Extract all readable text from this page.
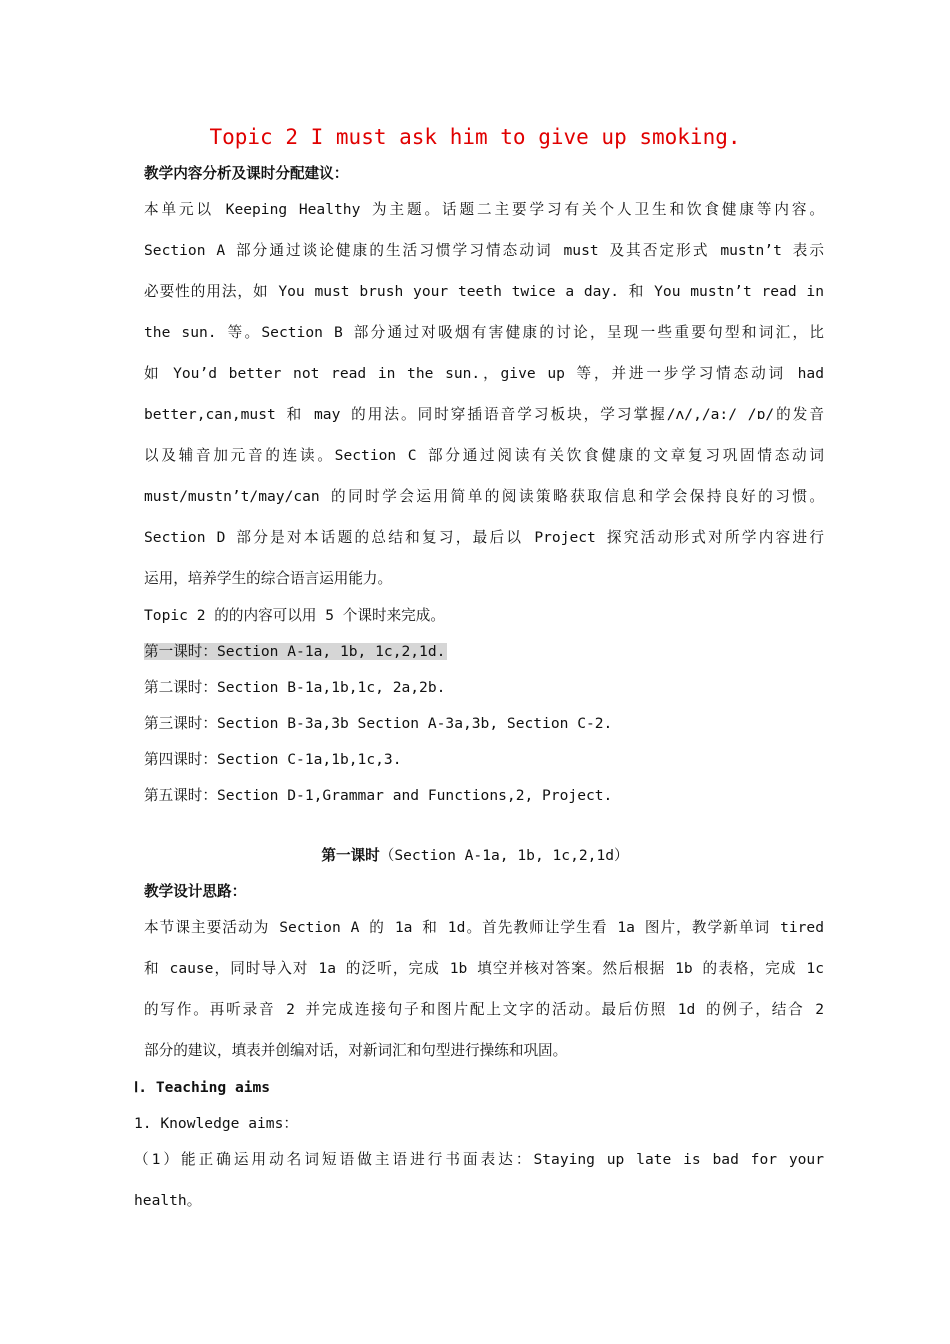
Topic 2 I must ask him to give up smoking.
教学内容分析及课时分配建议：
本单元以 Keeping Healthy 为主题。话题二主要学习有关个人卫生和饮食健康等内容。
Section A 部分通过谈论健康的生活习惯学习情态动词 must 及其否定形式 mustn’t 表示
必要性的用法，如 You must brush your teeth twice a day. 和 You mustn’t read in
the sun. 等。Section B 部分通过对吸烟有害健康的讨论，呈现一些重要句型和词汇，比
如 You’d better not read in the sun.，give up 等，并进一步学习情态动词 had
better,can,must 和 may 的用法。同时穿插语音学习板块，学习掌握/ʌ/,/a:/ /ɒ/的发音
以及辅音加元音的连读。Section C 部分通过阅读有关饮食健康的文章复习巩固情态动词
must/mustn’t/may/can 的同时学会运用简单的阅读策略获取信息和学会保持良好的习惯。
Section D 部分是对本话题的总结和复习，最后以 Project 探究活动形式对所学内容进行
运用，培养学生的综合语言运用能力。
Topic 2 的的内容可以用 5 个课时来完成。
第一课时：Section A-1a, 1b, 1c,2,1d.
第二课时：Section B-1a,1b,1c, 2a,2b.
第三课时：Section B-3a,3b Section A-3a,3b, Section C-2.
第四课时：Section C-1a,1b,1c,3.
第五课时：Section D-1,Grammar and Functions,2, Project.
第一课时（Section A-1a, 1b, 1c,2,1d）
教学设计思路：
本节课主要活动为 Section A 的 1a 和 1d。首先教师让学生看 1a 图片，教学新单词 tired
和 cause，同时导入对 1a 的泛听，完成 1b 填空并核对答案。然后根据 1b 的表格，完成 1c
的写作。再听录音 2 并完成连接句子和图片配上文字的活动。最后仿照 1d 的例子，结合 2
部分的建议，填表并创编对话，对新词汇和句型进行操练和巩固。
Ⅰ. Teaching aims
1. Knowledge aims：
（1）能正确运用动名词短语做主语进行书面表达：Staying up late is bad for your
health。
